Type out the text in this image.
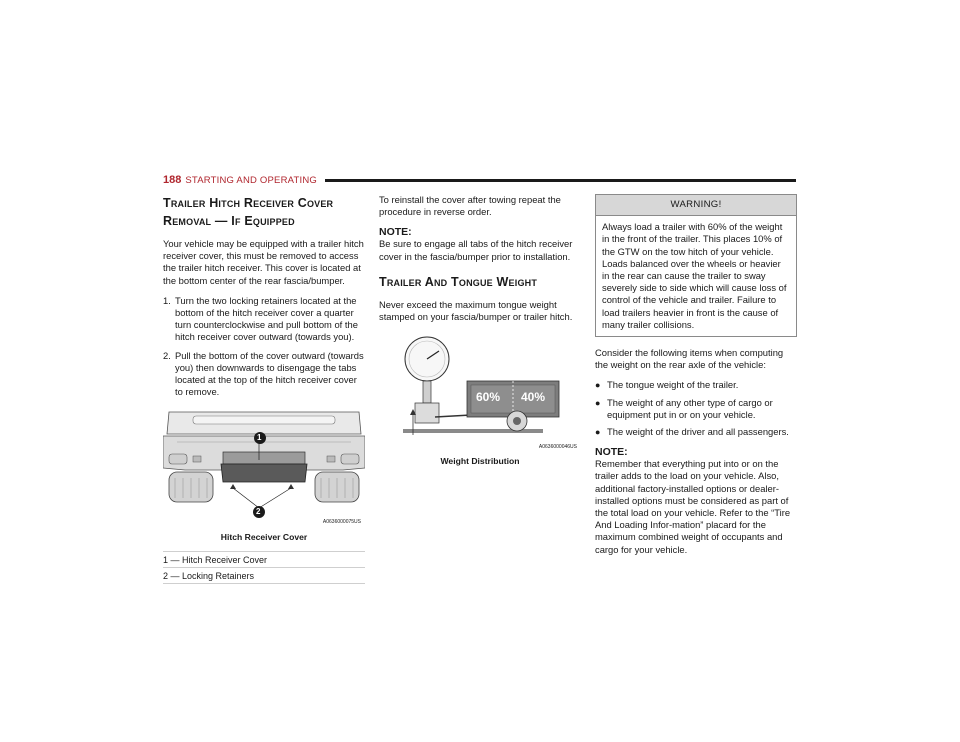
188 STARTING AND OPERATING
Trailer Hitch Receiver Cover
Removal — If Equipped

Your vehicle may be equipped with a trailer hitch receiver cover, this must be removed to access the trailer hitch receiver. This cover is located at the bottom center of the rear fascia/bumper.

1. Turn the two locking retainers located at the bottom of the hitch receiver cover a quarter turn counterclockwise and pull bottom of the hitch receiver cover outward (towards you).
2. Pull the bottom of the cover outward (towards you) then downwards to disengage the tabs located at the top of the hitch receiver cover to remove.
1
2
A0636000075US
Hitch Receiver Cover
1 — Hitch Receiver Cover
2 — Locking Retainers

To reinstall the cover after towing repeat the procedure in reverse order.

NOTE:

Be sure to engage all tabs of the hitch receiver cover in the fascia/bumper prior to installation.

Trailer And Tongue Weight

Never exceed the maximum tongue weight stamped on your fascia/bumper or trailer hitch.

60% 40%
A0636000046US
Weight Distribution
WARNING!
Always load a trailer with 60% of the weight in the front of the trailer. This places 10% of the GTW on the tow hitch of your vehicle. Loads balanced over the wheels or heavier in the rear can cause the trailer to sway severely side to side which will cause loss of control of the vehicle and trailer. Failure to load trailers heavier in front is the cause of many trailer collisions.

Consider the following items when computing the weight on the rear axle of the vehicle:

● The tongue weight of the trailer.
● The weight of any other type of cargo or equipment put in or on your vehicle.
● The weight of the driver and all passengers.
NOTE:

Remember that everything put into or on the trailer adds to the load on your vehicle. Also, additional factory-installed options or dealer-installed options must be considered as part of the total load on your vehicle. Refer to the “Tire And Loading Infor-mation” placard for the maximum combined weight of occupants and cargo for your vehicle.
